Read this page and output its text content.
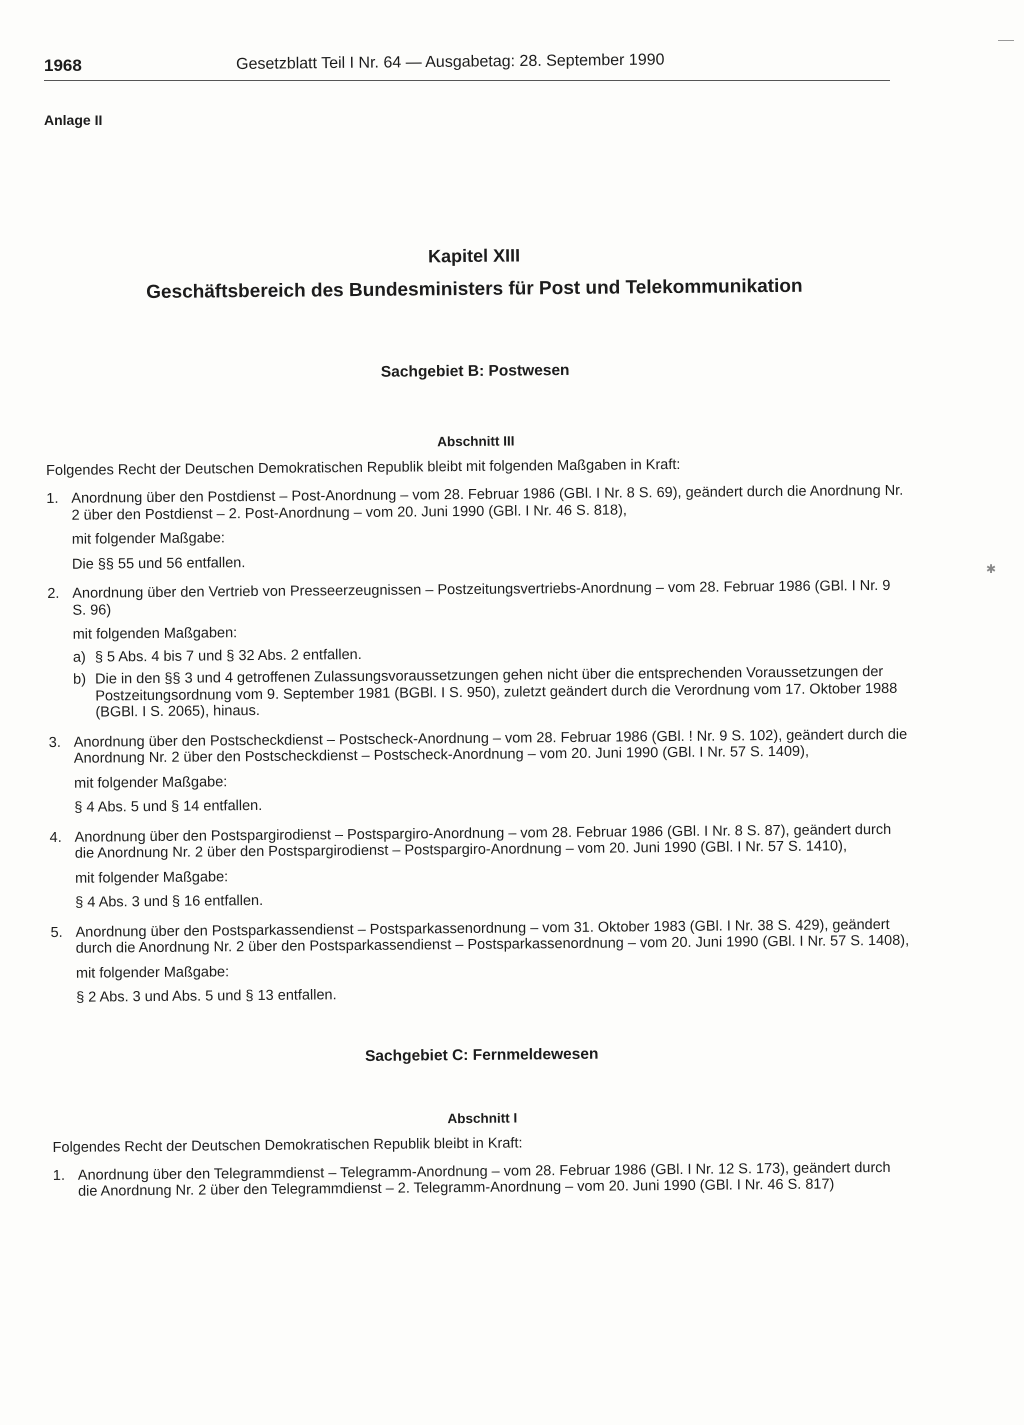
✱
1968	Gesetzblatt Teil I Nr. 64 — Ausgabetag: 28. September 1990
Anlage II
Kapitel XIII
Geschäftsbereich des Bundesministers für Post und Telekommunikation
Sachgebiet B: Postwesen
Abschnitt III

Folgendes Recht der Deutschen Demokratischen Republik bleibt mit folgenden Maßgaben in Kraft:

1. Anordnung über den Postdienst – Post-Anordnung – vom 28. Februar 1986 (GBl. I Nr. 8 S. 69), geändert durch die Anordnung Nr. 2 über den Postdienst – 2. Post-Anordnung – vom 20. Juni 1990 (GBl. I Nr. 46 S. 818),

mit folgender Maßgabe:

Die §§ 55 und 56 entfallen.

2. Anordnung über den Vertrieb von Presseerzeugnissen – Postzeitungsvertriebs-Anordnung – vom 28. Februar 1986 (GBl. I Nr. 9 S. 96)

mit folgenden Maßgaben:

a) § 5 Abs. 4 bis 7 und § 32 Abs. 2 entfallen.

b) Die in den §§ 3 und 4 getroffenen Zulassungsvoraussetzungen gehen nicht über die entsprechenden Voraussetzungen der Postzeitungsordnung vom 9. September 1981 (BGBl. I S. 950), zuletzt geändert durch die Verordnung vom 17. Oktober 1988 (BGBl. I S. 2065), hinaus.

3. Anordnung über den Postscheckdienst – Postscheck-Anordnung – vom 28. Februar 1986 (GBl. ! Nr. 9 S. 102), geändert durch die Anordnung Nr. 2 über den Postscheckdienst – Postscheck-Anordnung – vom 20. Juni 1990 (GBl. I Nr. 57 S. 1409),

mit folgender Maßgabe:

§ 4 Abs. 5 und § 14 entfallen.

4. Anordnung über den Postspargirodienst – Postspargiro-Anordnung – vom 28. Februar 1986 (GBl. I Nr. 8 S. 87), geändert durch die Anordnung Nr. 2 über den Postspargirodienst – Postspargiro-Anordnung – vom 20. Juni 1990 (GBl. I Nr. 57 S. 1410),

mit folgender Maßgabe:

§ 4 Abs. 3 und § 16 entfallen.

5. Anordnung über den Postsparkassendienst – Postsparkassenordnung – vom 31. Oktober 1983 (GBl. I Nr. 38 S. 429), geändert durch die Anordnung Nr. 2 über den Postsparkassendienst – Postsparkassenordnung – vom 20. Juni 1990 (GBl. I Nr. 57 S. 1408),

mit folgender Maßgabe:

§ 2 Abs. 3 und Abs. 5 und § 13 entfallen.

Sachgebiet C: Fernmeldewesen
Abschnitt I

Folgendes Recht der Deutschen Demokratischen Republik bleibt in Kraft:

1. Anordnung über den Telegrammdienst – Telegramm-Anordnung – vom 28. Februar 1986 (GBl. I Nr. 12 S. 173), geändert durch die Anordnung Nr. 2 über den Telegrammdienst – 2. Telegramm-Anordnung – vom 20. Juni 1990 (GBl. I Nr. 46 S. 817)
